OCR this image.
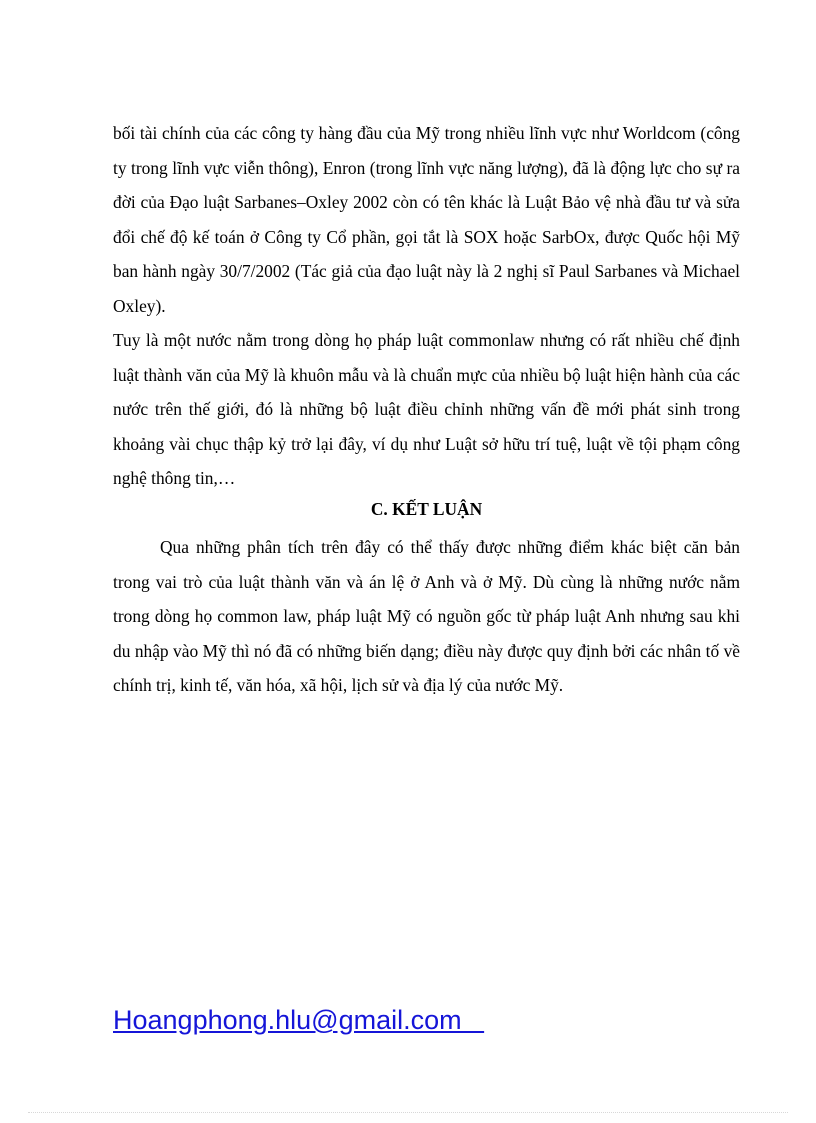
bối tài chính của các công ty hàng đầu của Mỹ trong nhiều lĩnh vực như Worldcom (công ty trong lĩnh vực viễn thông), Enron (trong lĩnh vực năng lượng), đã là động lực cho sự ra đời của Đạo luật Sarbanes–Oxley 2002 còn có tên khác là Luật Bảo vệ nhà đầu tư và sửa đổi chế độ kế toán ở Công ty Cổ phần, gọi tắt là SOX hoặc SarbOx, được Quốc hội Mỹ ban hành ngày 30/7/2002 (Tác giả của đạo luật này là 2 nghị sĩ Paul Sarbanes và Michael Oxley).

Tuy là một nước nằm trong dòng họ pháp luật commonlaw nhưng có rất nhiều chế định luật thành văn của Mỹ là khuôn mẫu và là chuẩn mực của nhiều bộ luật hiện hành của các nước trên thế giới, đó là những bộ luật điều chỉnh những vấn đề mới phát sinh trong khoảng vài chục thập kỷ trở lại đây, ví dụ như Luật sở hữu trí tuệ, luật về tội phạm công nghệ thông tin,…

C. KẾT LUẬN

Qua những phân tích trên đây có thể thấy được những điểm khác biệt căn bản trong vai trò của luật thành văn và án lệ ở Anh và ở Mỹ. Dù cùng là những nước nằm trong dòng họ common law, pháp luật Mỹ có nguồn gốc từ pháp luật Anh nhưng sau khi du nhập vào Mỹ thì nó đã có những biến dạng; điều này được quy định bởi các nhân tố về chính trị, kinh tế, văn hóa, xã hội, lịch sử và địa lý của nước Mỹ.

Hoangphong.hlu@gmail.com
